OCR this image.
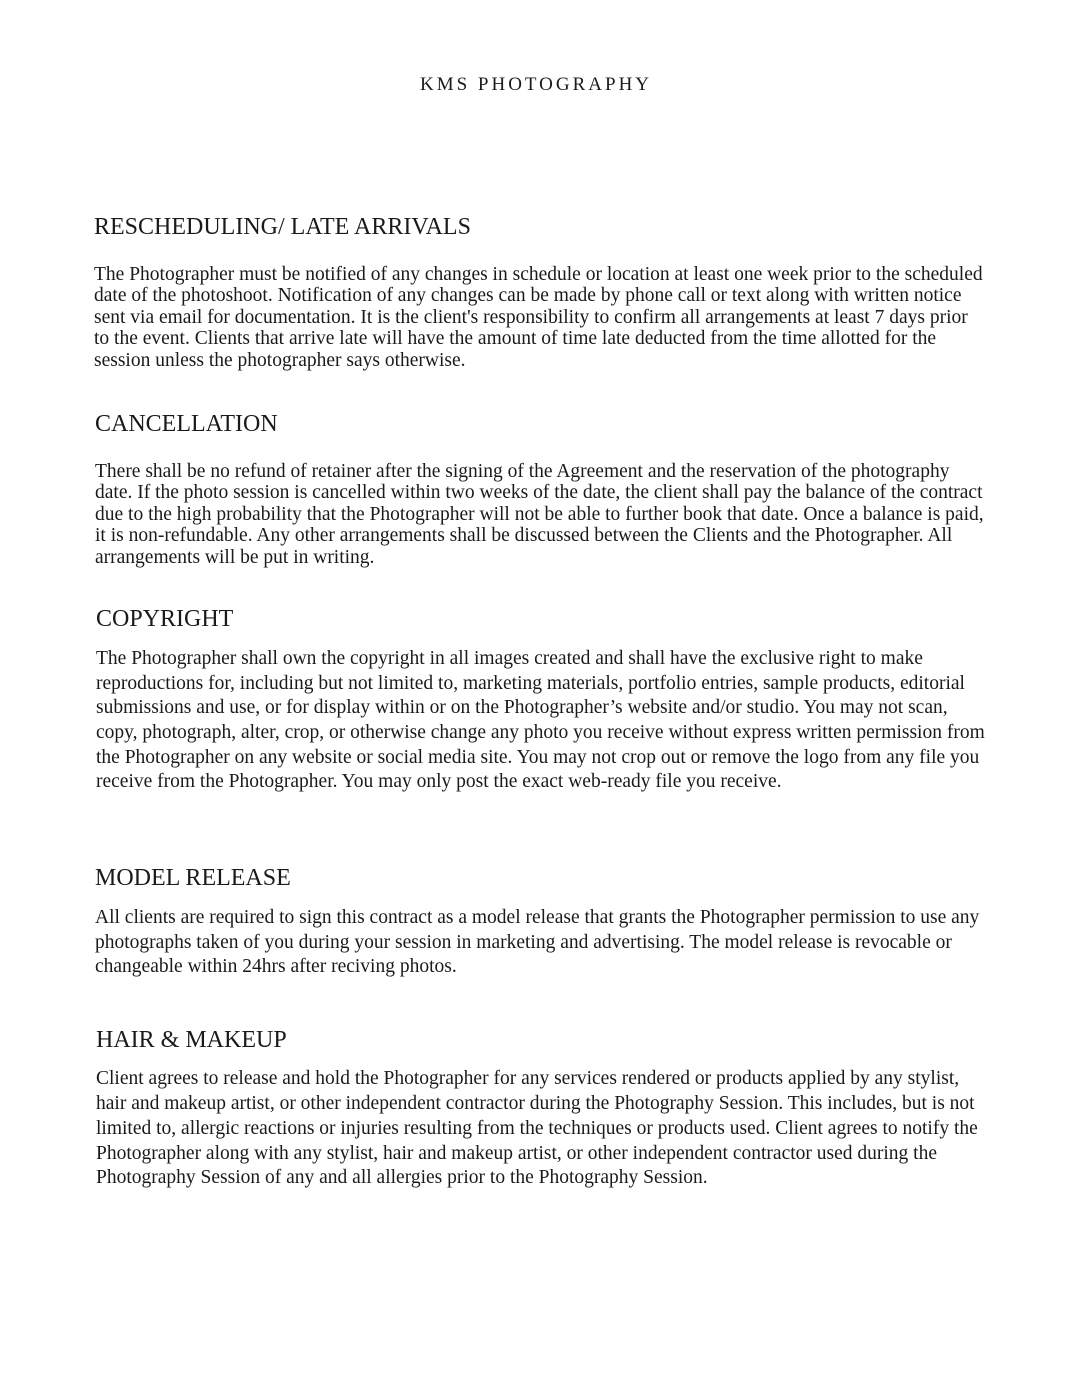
KMS PHOTOGRAPHY
RESCHEDULING/ LATE ARRIVALS

The Photographer must be notified of any changes in schedule or location at least one week prior to the scheduled date of the photoshoot. Notification of any changes can be made by phone call or text along with written notice sent via email for documentation. It is the client's responsibility to confirm all arrangements at least 7 days prior to the event. Clients that arrive late will have the amount of time late deducted from the time allotted for the session unless the photographer says otherwise.

CANCELLATION

There shall be no refund of retainer after the signing of the Agreement and the reservation of the photography date. If the photo session is cancelled within two weeks of the date, the client shall pay the balance of the contract due to the high probability that the Photographer will not be able to further book that date. Once a balance is paid, it is non-refundable. Any other arrangements shall be discussed between the Clients and the Photographer. All arrangements will be put in writing.

COPYRIGHT

The Photographer shall own the copyright in all images created and shall have the exclusive right to make reproductions for, including but not limited to, marketing materials, portfolio entries, sample products, editorial submissions and use, or for display within or on the Photographer’s website and/or studio. You may not scan, copy, photograph, alter, crop, or otherwise change any photo you receive without express written permission from the Photographer on any website or social media site. You may not crop out or remove the logo from any file you receive from the Photographer. You may only post the exact web-ready file you receive.

MODEL RELEASE

All clients are required to sign this contract as a model release that grants the Photographer permission to use any photographs taken of you during your session in marketing and advertising. The model release is revocable or changeable within 24hrs after reciving photos.

HAIR & MAKEUP

Client agrees to release and hold the Photographer for any services rendered or products applied by any stylist, hair and makeup artist, or other independent contractor during the Photography Session. This includes, but is not limited to, allergic reactions or injuries resulting from the techniques or products used. Client agrees to notify the Photographer along with any stylist, hair and makeup artist, or other independent contractor used during the Photography Session of any and all allergies prior to the Photography Session.
